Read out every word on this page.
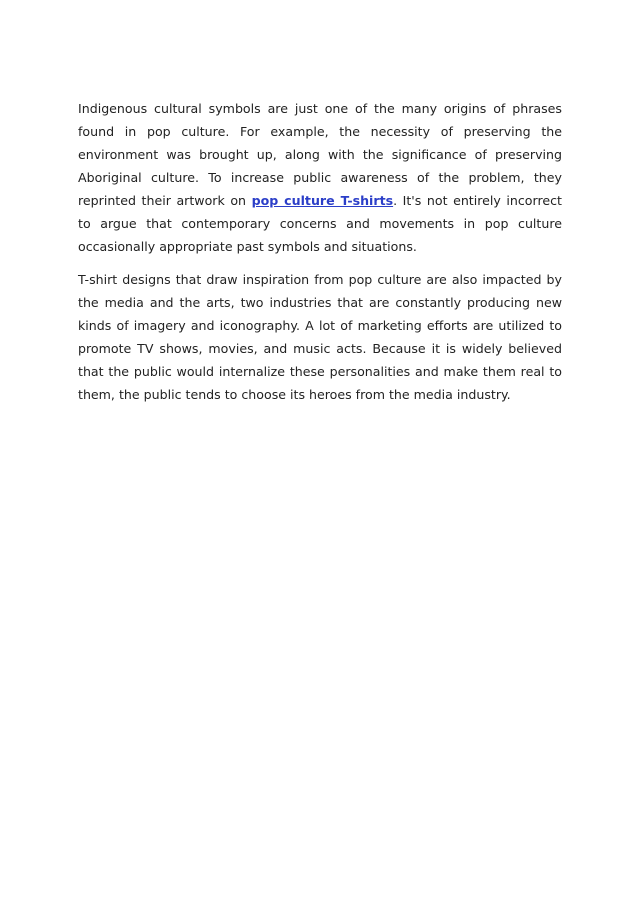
Indigenous cultural symbols are just one of the many origins of phrases found in pop culture. For example, the necessity of preserving the environment was brought up, along with the significance of preserving Aboriginal culture. To increase public awareness of the problem, they reprinted their artwork on pop culture T-shirts. It's not entirely incorrect to argue that contemporary concerns and movements in pop culture occasionally appropriate past symbols and situations.

T-shirt designs that draw inspiration from pop culture are also impacted by the media and the arts, two industries that are constantly producing new kinds of imagery and iconography. A lot of marketing efforts are utilized to promote TV shows, movies, and music acts. Because it is widely believed that the public would internalize these personalities and make them real to them, the public tends to choose its heroes from the media industry.
